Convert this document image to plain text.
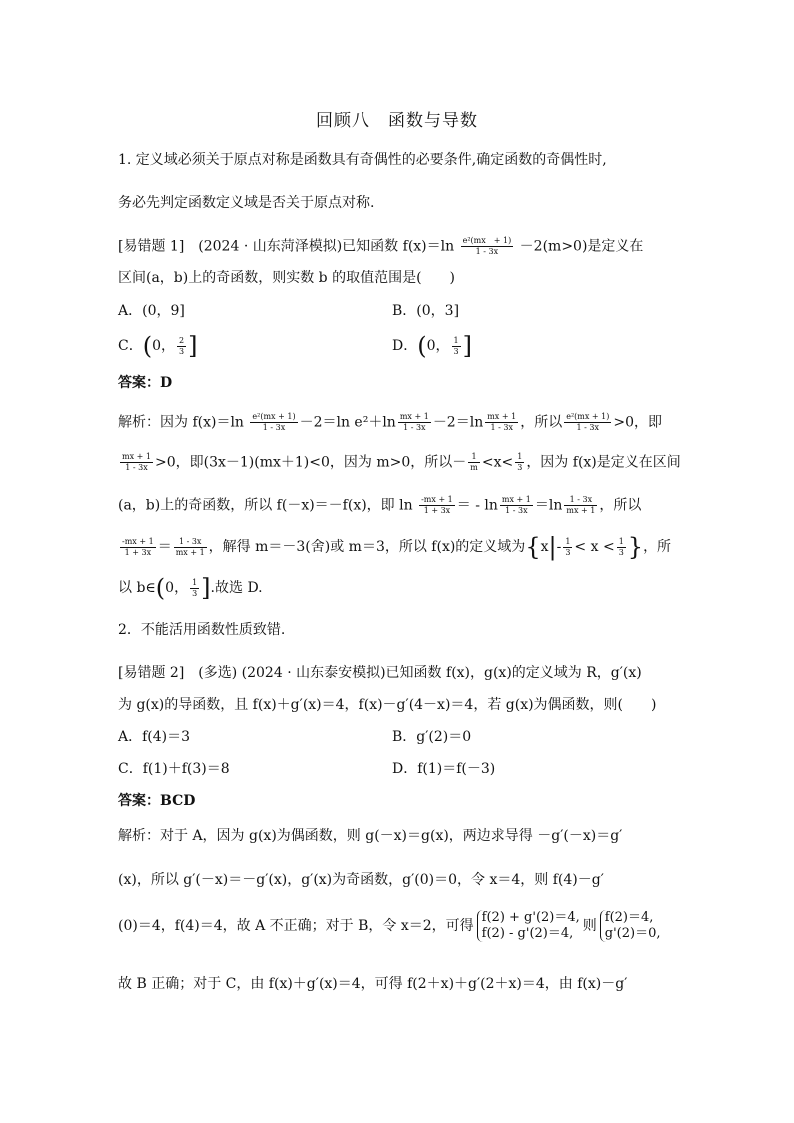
回顾八　函数与导数
1. 定义域必须关于原点对称是函数具有奇偶性的必要条件,确定函数的奇偶性时,
务必先判定函数定义域是否关于原点对称.
[易错题 1]　(2024 · 山东菏泽模拟)已知函数 $f(x)=\ln \frac{\text{e²(mx　+ 1)}}{1 - 3x} -2(m>0)$是定义在
区间(a，b)上的奇函数，则实数 b 的取值范围是(　　)
A．(0，9]	B．(0，3]
C．(0， $\frac{2}{3}$ ]	D．(0， $\frac{1}{3}$ ]
答案：D
解析：因为 $f(x)=\ln \frac{\text{e²(mx + 1)}}{1 - 3x} -2=\ln$ $e^2+\ln \frac{mx + 1}{1 - 3x} -2=\ln \frac{mx + 1}{1 - 3x}$ ，所以 $\frac{\text{e²(mx + 1)}}{1 - 3x} >0$，即
$\frac{mx + 1}{1 - 3x} >0$，即(3x－1)(mx＋1)<0，因为 m>0，所以－ $\frac{1}{m} <x< \frac{1}{3}$ ，因为 f(x)是定义在区间
(a，b)上的奇函数，所以 f(－x)＝－f(x)，即 $\ln \frac{-mx + 1}{1 + 3x}$ ＝ - $\ln \frac{mx + 1}{1 - 3x} =\ln \frac{1 - 3x}{mx + 1}$ ，所以
$\frac{-mx + 1}{1 + 3x} = \frac{1 - 3x}{mx + 1}$ ，解得 m＝－3(舍)或 m＝3，所以 f(x)的定义域为{$x|- \frac{1}{3} < x < \frac{1}{3}$ }，所
以 b∈(0， $\frac{1}{3}$ ].故选 D.
2．不能活用函数性质致错.
[易错题 2]　(多选) (2024 · 山东泰安模拟)已知函数 f(x)，g(x)的定义域为 R，g′(x)
为 g(x)的导函数，且 f(x)＋g′(x)＝4，f(x)－g′(4－x)＝4，若 g(x)为偶函数，则(　　)
A．f(4)＝3	B．g′(2)＝0
C．f(1)＋f(3)＝8	D．f(1)＝f(－3)
答案：BCD
解析：对于 A，因为 g(x)为偶函数，则 g(－x)＝g(x)，两边求导得 －g′(－x)＝g′
(x)，所以 g′(－x)＝－g′(x)，g′(x)为奇函数，g′(0)＝0，令 x＝4，则 f(4)－g′
(0)＝4，f(4)＝4，故 A 不正确；对于 B，令 x＝2，可得
f(2) + g'(2)＝4,
f(2) - g'(2)＝4, 则
f(2)＝4,
g'(2)＝0,
故 B 正确；对于 C，由 f(x)＋g′(x)＝4，可得 f(2＋x)＋g′(2＋x)＝4，由 f(x)－g′
